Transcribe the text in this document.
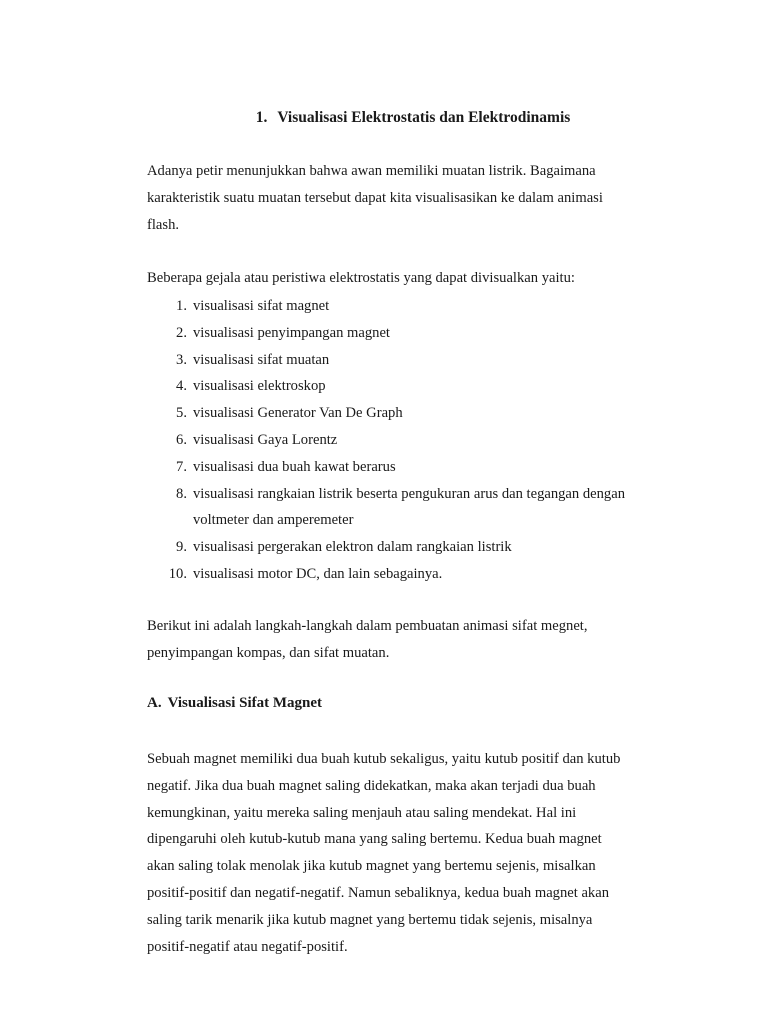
1. Visualisasi Elektrostatis dan Elektrodinamis

Adanya petir menunjukkan bahwa awan memiliki muatan listrik. Bagaimana
karakteristik suatu muatan tersebut dapat kita visualisasikan ke dalam animasi
flash.

Beberapa gejala atau peristiwa elektrostatis yang dapat divisualkan yaitu:

1. visualisasi sifat magnet
2. visualisasi penyimpangan magnet
3. visualisasi sifat muatan
4. visualisasi elektroskop
5. visualisasi Generator Van De Graph
6. visualisasi Gaya Lorentz
7. visualisasi dua buah kawat berarus
8. visualisasi rangkaian listrik beserta pengukuran arus dan tegangan dengan
voltmeter dan amperemeter
9. visualisasi pergerakan elektron dalam rangkaian listrik
10. visualisasi motor DC, dan lain sebagainya.

Berikut ini adalah langkah-langkah dalam pembuatan animasi sifat megnet,
penyimpangan kompas, dan sifat muatan.

A. Visualisasi Sifat Magnet

Sebuah magnet memiliki dua buah kutub sekaligus, yaitu kutub positif dan kutub
negatif. Jika dua buah magnet saling didekatkan, maka akan terjadi dua buah
kemungkinan, yaitu mereka saling menjauh atau saling mendekat. Hal ini
dipengaruhi oleh kutub-kutub mana yang saling bertemu. Kedua buah magnet
akan saling tolak menolak jika kutub magnet yang bertemu sejenis, misalkan
positif-positif dan negatif-negatif. Namun sebaliknya, kedua buah magnet akan
saling tarik menarik jika kutub magnet yang bertemu tidak sejenis, misalnya
positif-negatif atau negatif-positif.
